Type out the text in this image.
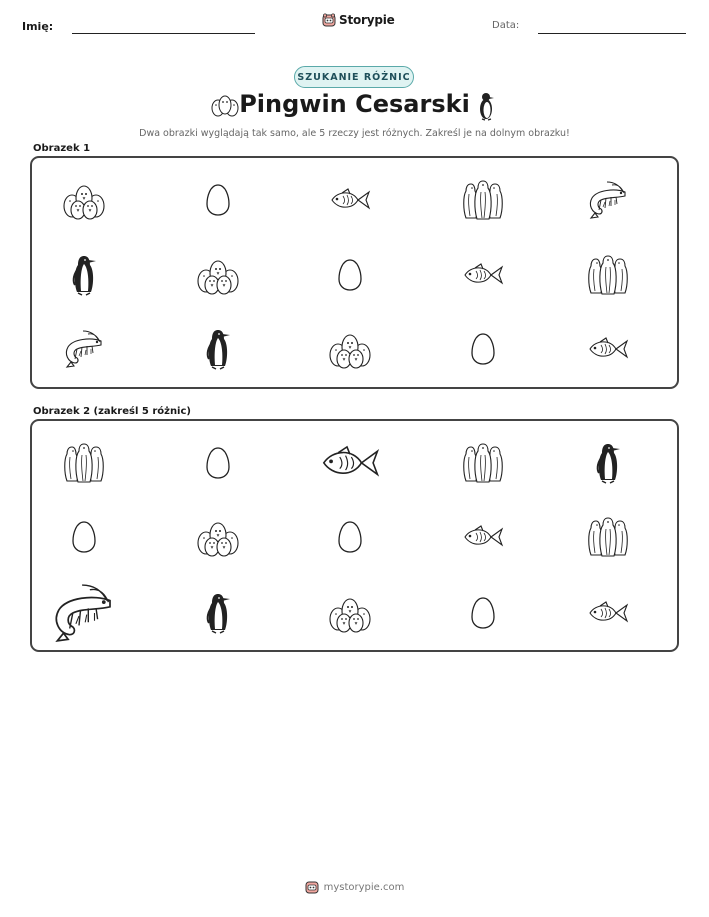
Imię:	Storypie	Data:
SZUKANIE RÓŻNIC
Pingwin Cesarski
Dwa obrazki wyglądają tak samo, ale 5 rzeczy jest różnych. Zakreśl je na dolnym obrazku!
Obrazek 1
Obrazek 2 (zakreśl 5 różnic)
mystorypie.com
